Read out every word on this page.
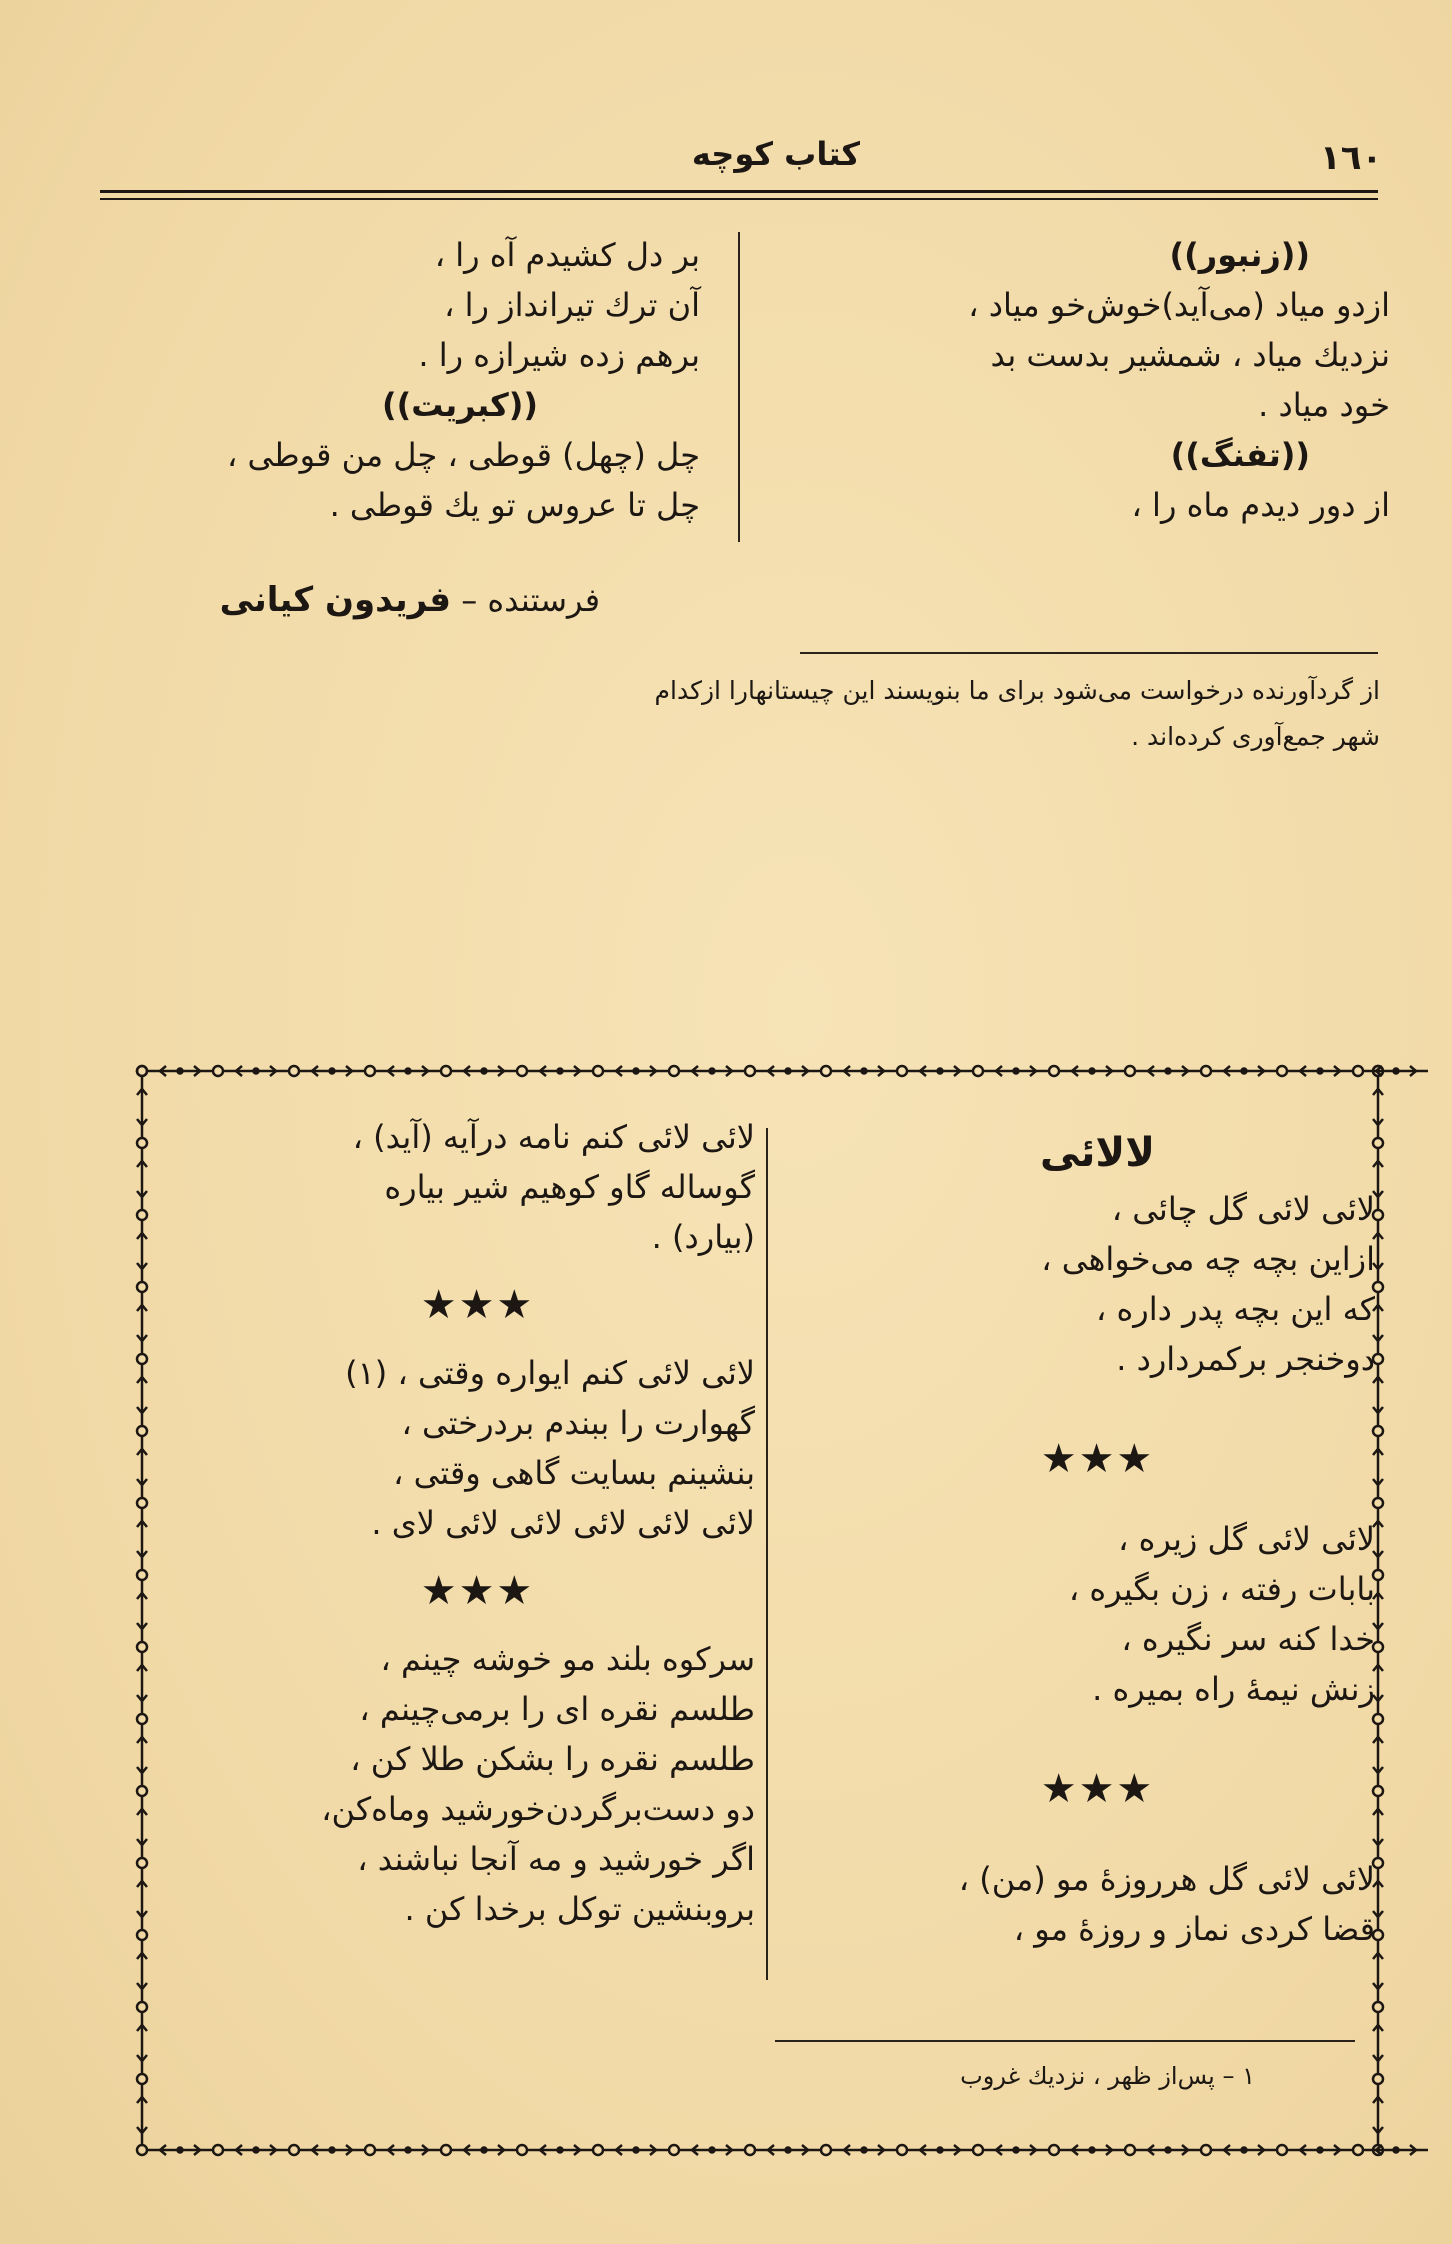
١٦٠
کتاب کوچه
((زنبور))
ازدو میاد (می‌آید)خوش‌خو میاد ،
نزدیك میاد ، شمشیر بدست بد
خود میاد .
((تفنگ))
از دور دیدم ماه را ،
بر دل کشیدم آه را ،
آن ترك تیرانداز را ،
برهم زده شیرازه را .
((کبریت))
چل (چهل) قوطی ، چل من قوطی ،
چل تا عروس تو یك قوطی .
فرستنده – فریدون کیانی
از گردآورنده درخواست می‌شود برای ما بنویسند این چیستانهارا ازکدام
شهر جمع‌آوری کرده‌اند .
لالائی
لائی لائی گل چائی ،
ازاین بچه چه می‌خواهی ،
که این بچه پدر داره ،
دوخنجر برکمردارد .
★★★
لائی لائی گل زیره ،
بابات رفته ، زن بگیره ،
خدا کنه سر نگیره ،
زنش نیمهٔ راه بمیره .
★★★
لائی لائی گل هرروزهٔ مو (من) ،
قضا کردی نماز و روزهٔ مو ،
لائی لائی کنم نامه درآیه (آید) ،
گوساله گاو کوهیم شیر بیاره
(بیارد) .
★★★
لائی لائی کنم ایواره وقتی ، (١)
گهوارت را ببندم بردرختی ،
بنشینم بسایت گاهی وقتی ،
لائی لائی لائی لائی لائی لای .
★★★
سرکوه بلند مو خوشه چینم ،
طلسم نقره ای را برمی‌چینم ،
طلسم نقره را بشکن طلا کن ،
دو دست‌برگردن‌خورشید وماه‌کن،
اگر خورشید و مه آنجا نباشند ،
بروبنشین توکل برخدا کن .
١ – پس‌از ظهر ، نزدیك غروب
